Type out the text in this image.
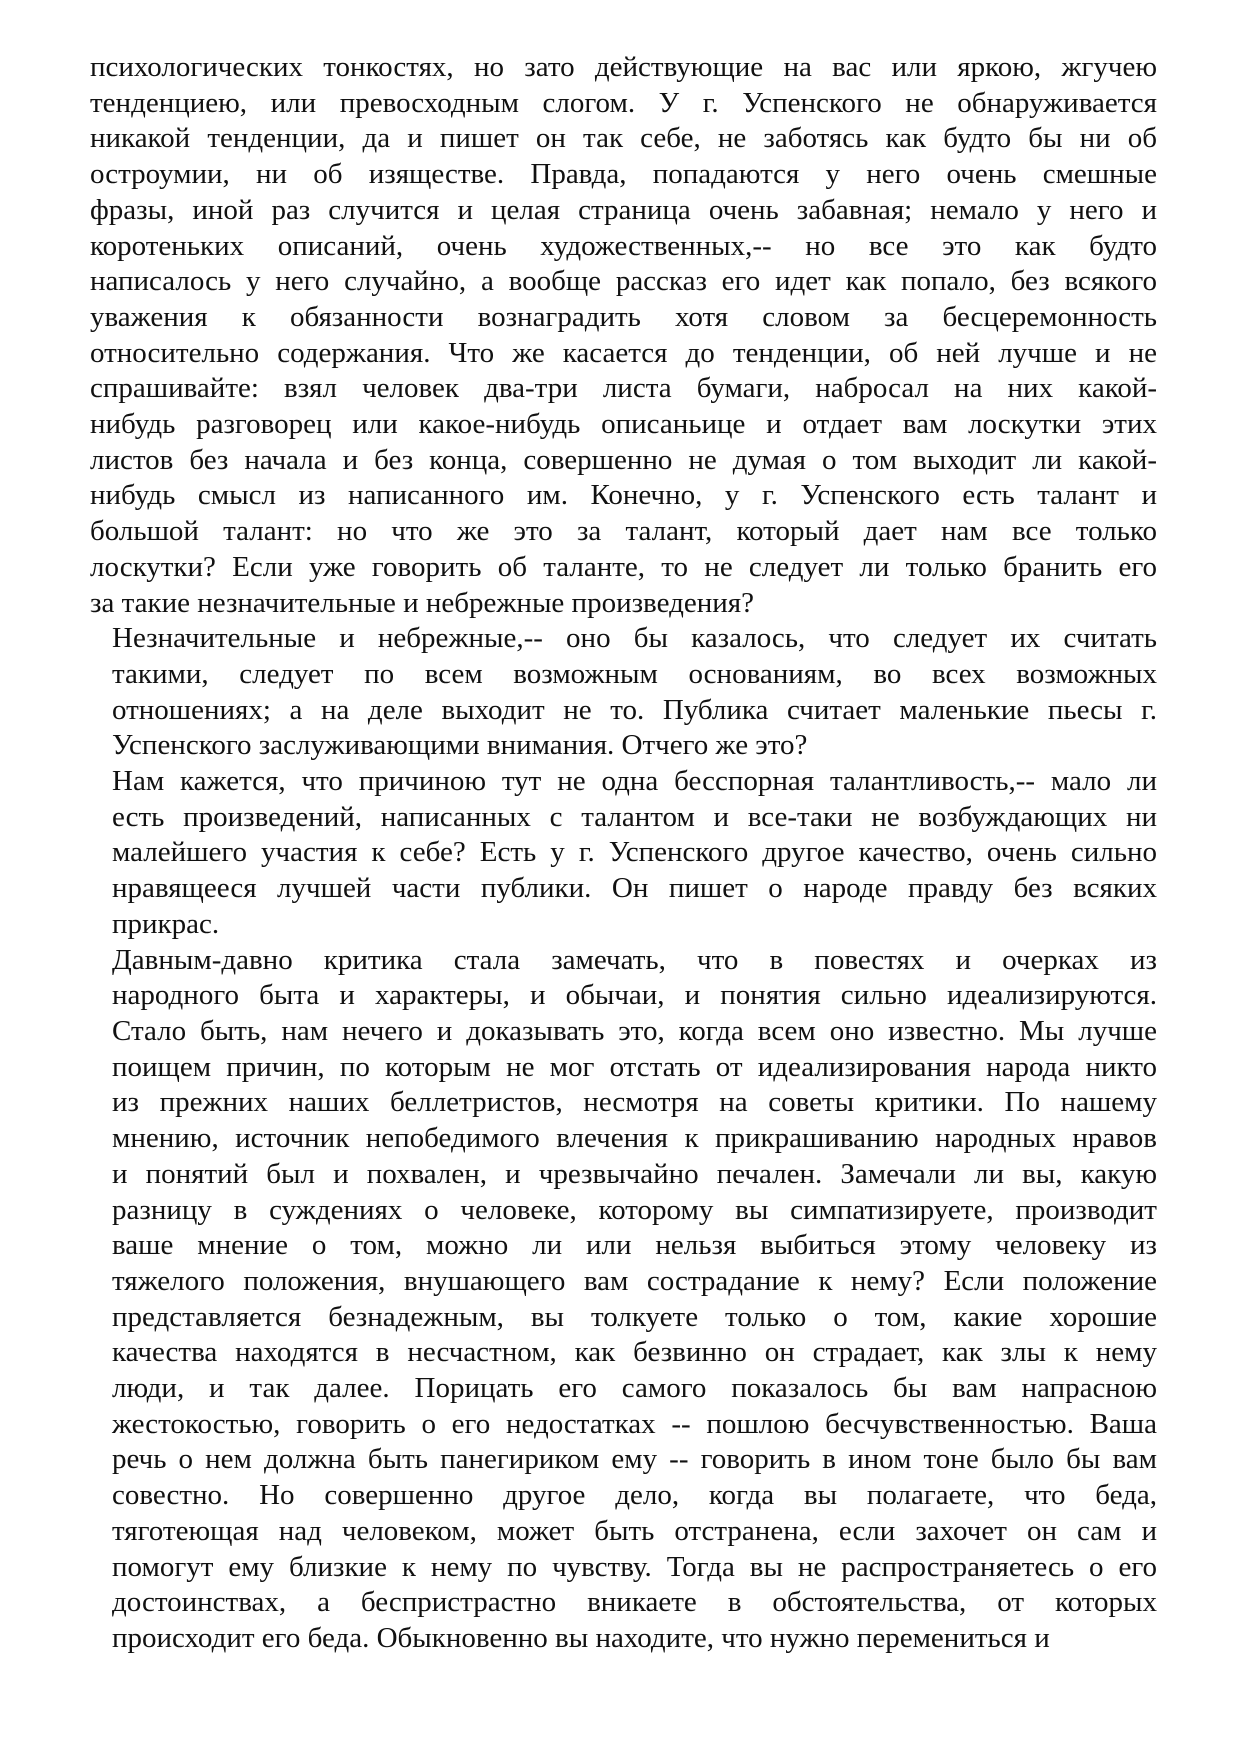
психологических тонкостях, но зато действующие на вас или яркою, жгучею
тенденциею, или превосходным слогом. У г. Успенского не обнаруживается
никакой тенденции, да и пишет он так себе, не заботясь как будто бы ни об
остроумии, ни об изяществе. Правда, попадаются у него очень смешные
фразы, иной раз случится и целая страница очень забавная; немало у него и
коротеньких описаний, очень художественных,-- но все это как будто
написалось у него случайно, а вообще рассказ его идет как попало, без всякого
уважения к обязанности вознаградить хотя словом за бесцеремонность
относительно содержания. Что же касается до тенденции, об ней лучше и не
спрашивайте: взял человек два-три листа бумаги, набросал на них какой-
нибудь разговорец или какое-нибудь описаньице и отдает вам лоскутки этих
листов без начала и без конца, совершенно не думая о том выходит ли какой-
нибудь смысл из написанного им. Конечно, у г. Успенского есть талант и
большой талант: но что же это за талант, который дает нам все только
лоскутки? Если уже говорить об таланте, то не следует ли только бранить его
за такие незначительные и небрежные произведения?
Незначительные и небрежные,-- оно бы казалось, что следует их считать
такими, следует по всем возможным основаниям, во всех возможных
отношениях; а на деле выходит не то. Публика считает маленькие пьесы г.
Успенского заслуживающими внимания. Отчего же это?
Нам кажется, что причиною тут не одна бесспорная талантливость,-- мало ли
есть произведений, написанных с талантом и все-таки не возбуждающих ни
малейшего участия к себе? Есть у г. Успенского другое качество, очень сильно
нравящееся лучшей части публики. Он пишет о народе правду без всяких
прикрас.
Давным-давно критика стала замечать, что в повестях и очерках из
народного быта и характеры, и обычаи, и понятия сильно идеализируются.
Стало быть, нам нечего и доказывать это, когда всем оно известно. Мы лучше
поищем причин, по которым не мог отстать от идеализирования народа никто
из прежних наших беллетристов, несмотря на советы критики. По нашему
мнению, источник непобедимого влечения к прикрашиванию народных нравов
и понятий был и похвален, и чрезвычайно печален. Замечали ли вы, какую
разницу в суждениях о человеке, которому вы симпатизируете, производит
ваше мнение о том, можно ли или нельзя выбиться этому человеку из
тяжелого положения, внушающего вам сострадание к нему? Если положение
представляется безнадежным, вы толкуете только о том, какие хорошие
качества находятся в несчастном, как безвинно он страдает, как злы к нему
люди, и так далее. Порицать его самого показалось бы вам напрасною
жестокостью, говорить о его недостатках -- пошлою бесчувственностью. Ваша
речь о нем должна быть панегириком ему -- говорить в ином тоне было бы вам
совестно. Но совершенно другое дело, когда вы полагаете, что беда,
тяготеющая над человеком, может быть отстранена, если захочет он сам и
помогут ему близкие к нему по чувству. Тогда вы не распространяетесь о его
достоинствах, а беспристрастно вникаете в обстоятельства, от которых
происходит его беда. Обыкновенно вы находите, что нужно перемениться и
